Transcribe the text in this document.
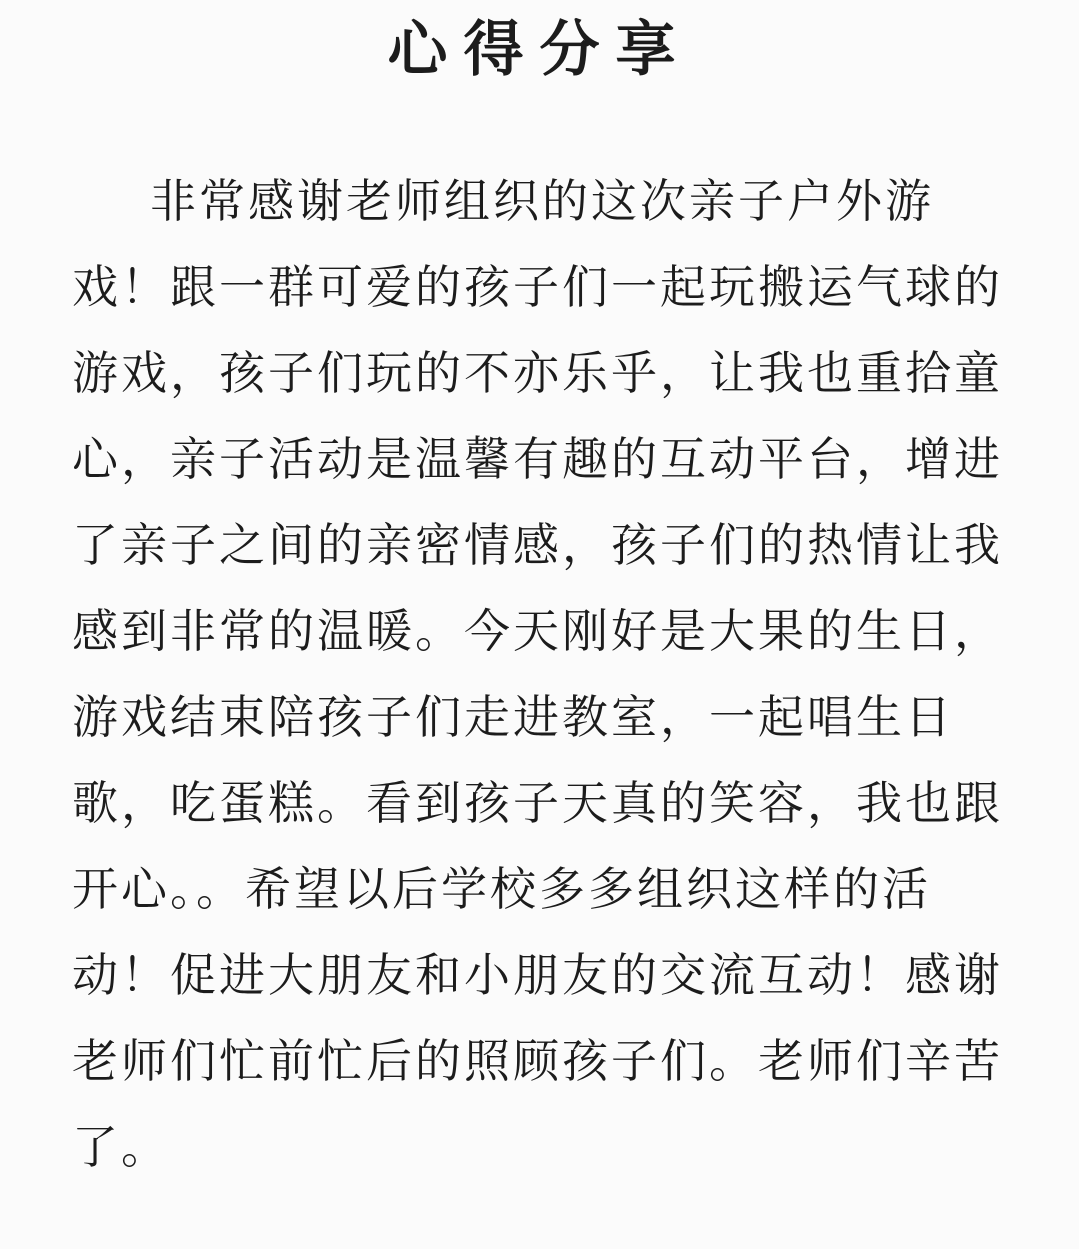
心得分享
非常感谢老师组织的这次亲子户外游
戏！跟一群可爱的孩子们一起玩搬运气球的
游戏，孩子们玩的不亦乐乎，让我也重拾童
心，亲子活动是温馨有趣的互动平台，增进
了亲子之间的亲密情感，孩子们的热情让我
感到非常的温暖。今天刚好是大果的生日，
游戏结束陪孩子们走进教室，一起唱生日
歌，吃蛋糕。看到孩子天真的笑容，我也跟
开心。。希望以后学校多多组织这样的活
动！促进大朋友和小朋友的交流互动！感谢
老师们忙前忙后的照顾孩子们。老师们辛苦
了。
